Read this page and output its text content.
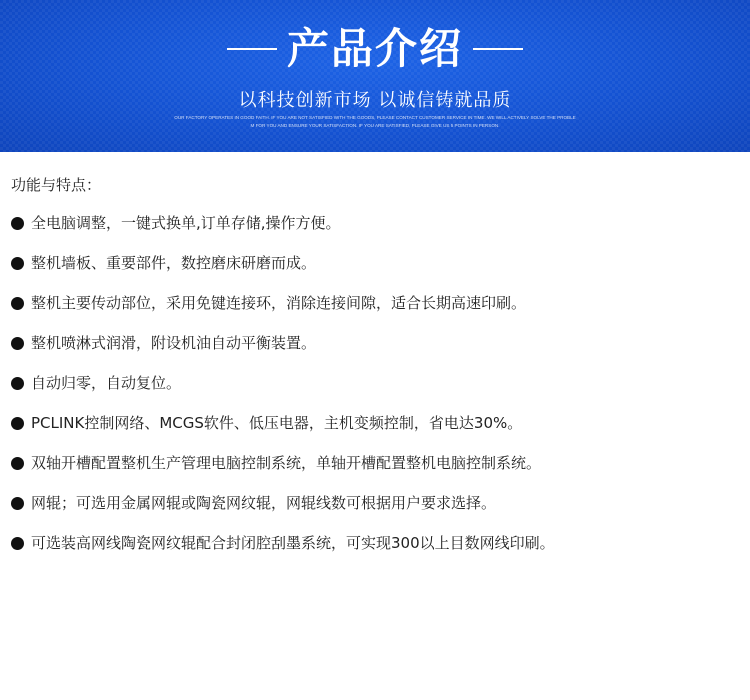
产品介绍
以科技创新市场 以诚信铸就品质
OUR FACTORY OPERATES IN GOOD FAITH. IF YOU ARE NOT SATISFIED WITH THE GOODS, PLEASE CONTACT CUSTOMER SERVICE IN TIME. WE WILL ACTIVELY SOLVE THE PROBLE
M FOR YOU AND ENSURE YOUR SATISFACTION. IF YOU ARE SATISFIED, PLEASE GIVE US 5 POINTS IN PERSON.
功能与特点：
全电脑调整，一键式换单,订单存储,操作方便。
整机墙板、重要部件，数控磨床研磨而成。
整机主要传动部位，采用免键连接环，消除连接间隙，适合长期高速印刷。
整机喷淋式润滑，附设机油自动平衡装置。
自动归零，自动复位。
PCLINK控制网络、MCGS软件、低压电器，主机变频控制，省电达30%。
双轴开槽配置整机生产管理电脑控制系统，单轴开槽配置整机电脑控制系统。
网辊；可选用金属网辊或陶瓷网纹辊，网辊线数可根据用户要求选择。
可选装高网线陶瓷网纹辊配合封闭腔刮墨系统，可实现300以上目数网线印刷。
